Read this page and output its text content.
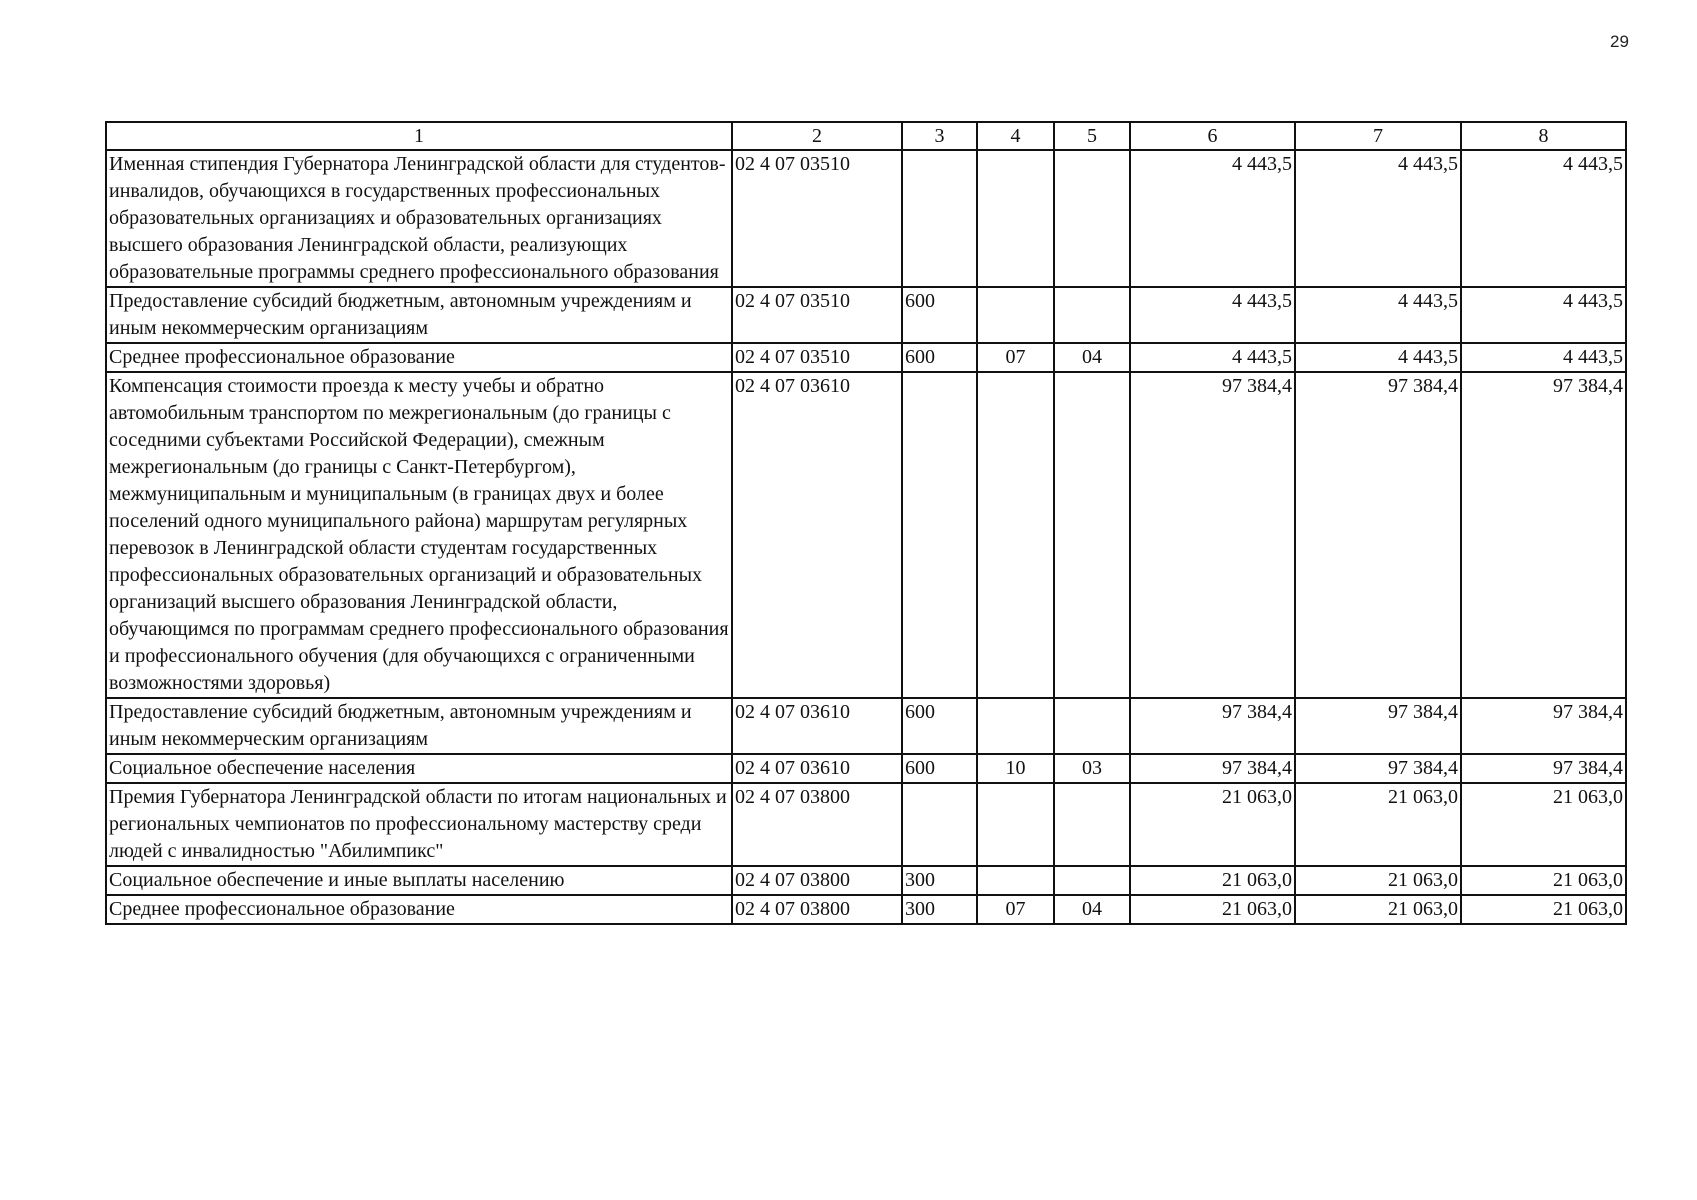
29
1	2	3	4	5	6	7	8
Именная стипендия Губернатора Ленинградской области для студентов-инвалидов, обучающихся в государственных профессиональных образовательных организациях и образовательных организациях высшего образования Ленинградской области, реализующих образовательные программы среднего профессионального образования	02 4 07 03510				4 443,5	4 443,5	4 443,5
Предоставление субсидий бюджетным, автономным учреждениям и иным некоммерческим организациям	02 4 07 03510	600			4 443,5	4 443,5	4 443,5
Среднее профессиональное образование	02 4 07 03510	600	07	04	4 443,5	4 443,5	4 443,5
Компенсация стоимости проезда к месту учебы и обратно автомобильным транспортом по межрегиональным (до границы с соседними субъектами Российской Федерации), смежным межрегиональным (до границы с Санкт-Петербургом), межмуниципальным и муниципальным (в границах двух и более поселений одного муниципального района) маршрутам регулярных перевозок в Ленинградской области студентам государственных профессиональных образовательных организаций и образовательных организаций высшего образования Ленинградской области, обучающимся по программам среднего профессионального образования и профессионального обучения (для обучающихся с ограниченными возможностями здоровья)	02 4 07 03610				97 384,4	97 384,4	97 384,4
Предоставление субсидий бюджетным, автономным учреждениям и иным некоммерческим организациям	02 4 07 03610	600			97 384,4	97 384,4	97 384,4
Социальное обеспечение населения	02 4 07 03610	600	10	03	97 384,4	97 384,4	97 384,4
Премия Губернатора Ленинградской области по итогам национальных и региональных чемпионатов по профессиональному мастерству среди людей с инвалидностью "Абилимпикс"	02 4 07 03800				21 063,0	21 063,0	21 063,0
Социальное обеспечение и иные выплаты населению	02 4 07 03800	300			21 063,0	21 063,0	21 063,0
Среднее профессиональное образование	02 4 07 03800	300	07	04	21 063,0	21 063,0	21 063,0
